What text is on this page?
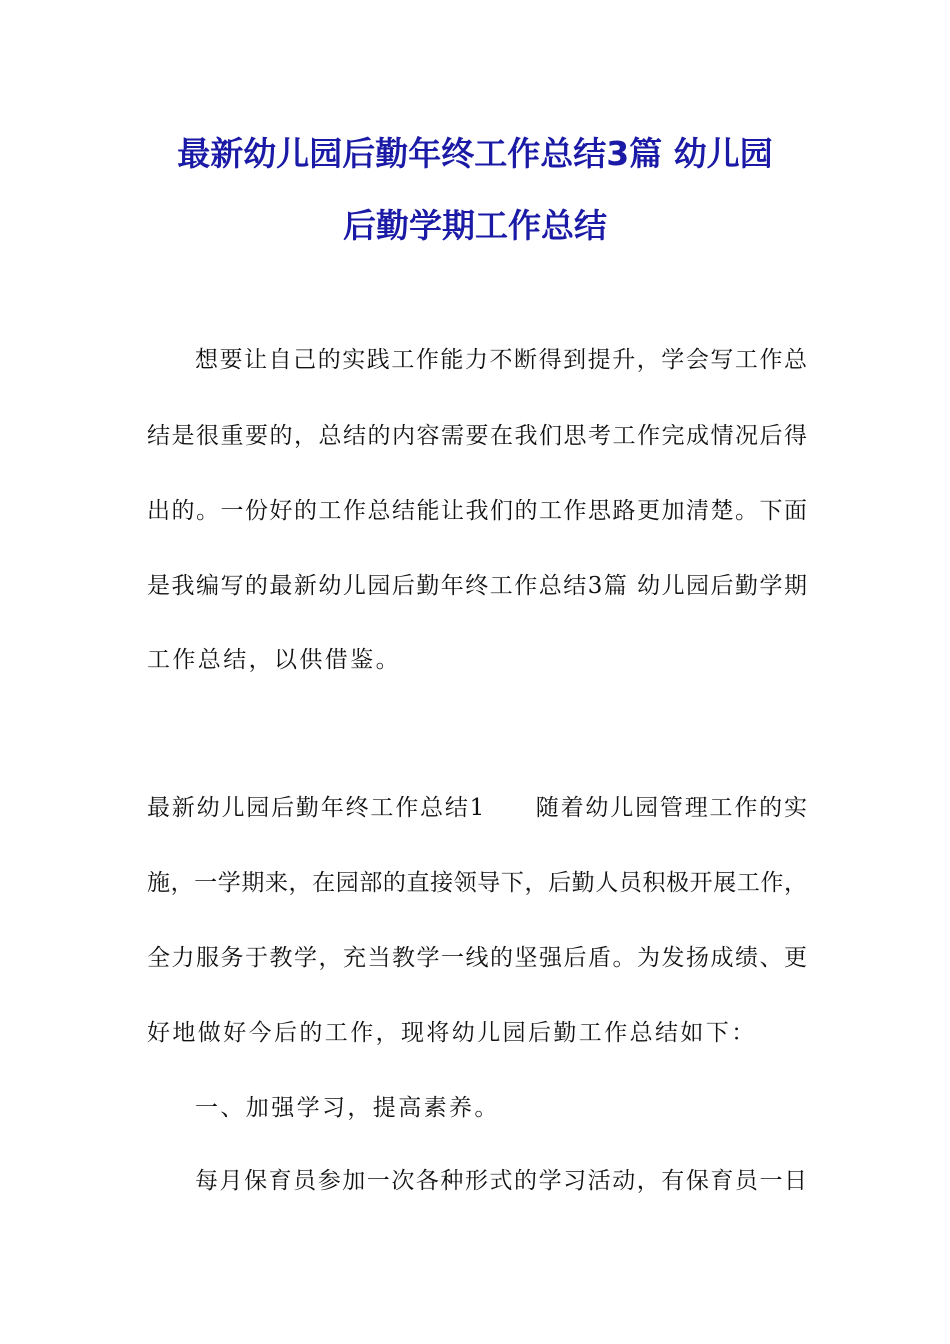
最新幼儿园后勤年终工作总结3篇 幼儿园
后勤学期工作总结
想要让自己的实践工作能力不断得到提升，学会写工作总
结是很重要的，总结的内容需要在我们思考工作完成情况后得
出的。一份好的工作总结能让我们的工作思路更加清楚。下面
是我编写的最新幼儿园后勤年终工作总结3篇 幼儿园后勤学期
工作总结，以供借鉴。
最新幼儿园后勤年终工作总结1　　随着幼儿园管理工作的实
施，一学期来，在园部的直接领导下，后勤人员积极开展工作，
全力服务于教学，充当教学一线的坚强后盾。为发扬成绩、更
好地做好今后的工作，现将幼儿园后勤工作总结如下：
一、加强学习，提高素养。
每月保育员参加一次各种形式的学习活动，有保育员一日
